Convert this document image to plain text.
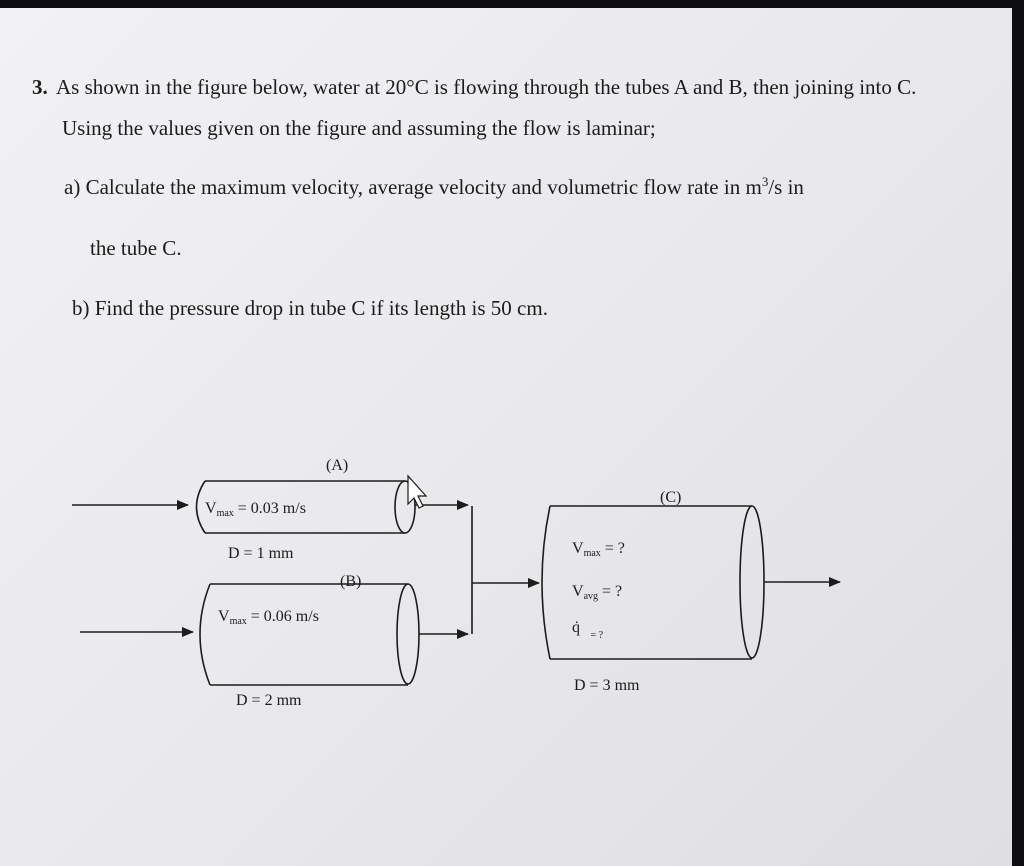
3. As shown in the figure below, water at 20°C is flowing through the tubes A and B, then joining into C.
Using the values given on the figure and assuming the flow is laminar;
a) Calculate the maximum velocity, average velocity and volumetric flow rate in $m^3/s$ in
the tube C.
b) Find the pressure drop in tube C if its length is 50 cm.
(A)
Vmax = 0.03 m/s
D = 1 mm
(B)
Vmax = 0.06 m/s
D = 2 mm
(C)
Vmax = ?
Vavg = ?
q̇ $_{= ?}$
D = 3 mm
